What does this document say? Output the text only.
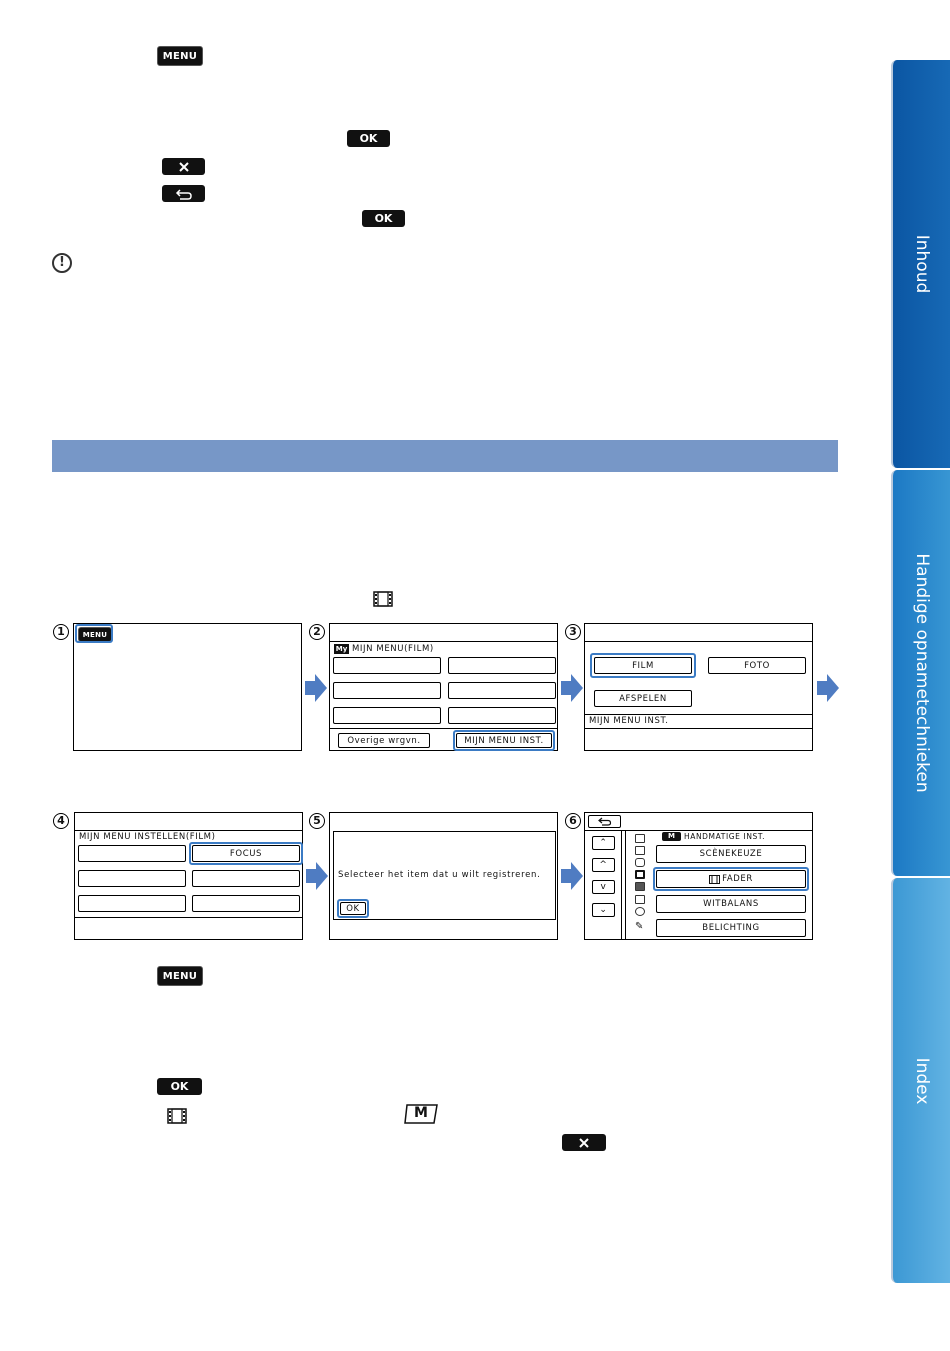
MENU
OK
OK
!	Inhoud
Handige opnametechnieken
Index
1	MENU	2
My MIJN MENU(FILM)
Overige wrgvn.	MIJN MENU INST.
3
FILM	FOTO
AFSPELEN
MIJN MENU INST.
4
MIJN MENU INSTELLEN(FILM)
FOCUS
5
Selecteer het item dat u wilt registreren.
OK
6
⌃
^
v
⌄
✎
M	HANDMATIGE INST.
SCÈNEKEUZE
FADER
WITBALANS
BELICHTING
MENU
OK
M
